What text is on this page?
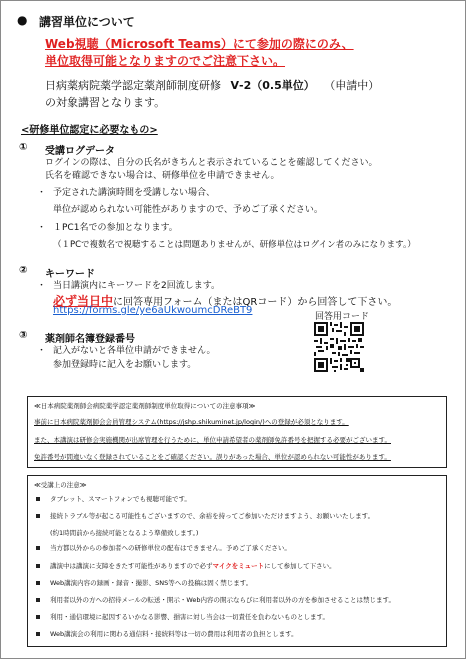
● 講習単位について
Web視聴（Microsoft Teams）にて参加の際にのみ、
単位取得可能となりますのでご注意下さい。
日病薬病院薬学認定薬剤師制度研修 Ⅴ-2（0.5単位） （申請中）
の対象講習となります。
<研修単位認定に必要なもの>
① 受講ログデータ
ログインの際は、自分の氏名がきちんと表示されていることを確認してください。
氏名を確認できない場合は、研修単位を申請できません。
・ 予定された講演時間を受講しない場合、
単位が認められない可能性がありますので、予めご了承ください。
・ １PC1名での参加となります。
（１PCで複数名で視聴することは問題ありませんが、研修単位はログイン者のみになります。）
② キーワード
・ 当日講演内にキーワードを2回流します。
必ず当日中に回答専用フォーム（またはQRコード）から回答して下さい。
https://forms.gle/ye6aUkwoumcDReBT9
回答用コード
③ 薬剤師名簿登録番号
・ 記入がないと各単位申請ができません。
参加登録時に記入をお願いします。
≪日本病院薬剤師会病院薬学認定薬剤師制度単位取得についての注意事項≫
事前に日本病院薬剤師会会員管理システム(https://jshp.shikuminet.jp/login/)への登録が必須となります。
また、本講演は研修会実施機関が出席管理を行うために、単位申請希望者の薬剤師免許番号を把握する必要がございます。
免許番号が間違いなく登録されていることをご確認ください。誤りがあった場合、単位が認められない可能性があります。
≪受講上の注意≫
タブレット、スマートフォンでも視聴可能です。
接続トラブル等が起こる可能性もございますので、余裕を持ってご参加いただけますよう、お願いいたします。
(約1時間前から接続可能となるよう準備致します。)
当方都以外からの参加者への研修単位の配布はできません。予めご了承ください。
講演中は講演に支障をきたす可能性がありますので必ずマイクをミュートにして参加して下さい。
Web講演内容の録画・録音・撮影、SNS等への投稿は固く禁じます。
利用者以外の方への招待メールの転送・開示・Web内容の開示ならびに利用者以外の方を参加させることは禁じます。
利用・通信環境に起因するいかなる影響、損害に対し当会は一切責任を負わないものとします。
Web講演会の利用に関わる通信料・接続料等は一切の費用は利用者の負担とします。
